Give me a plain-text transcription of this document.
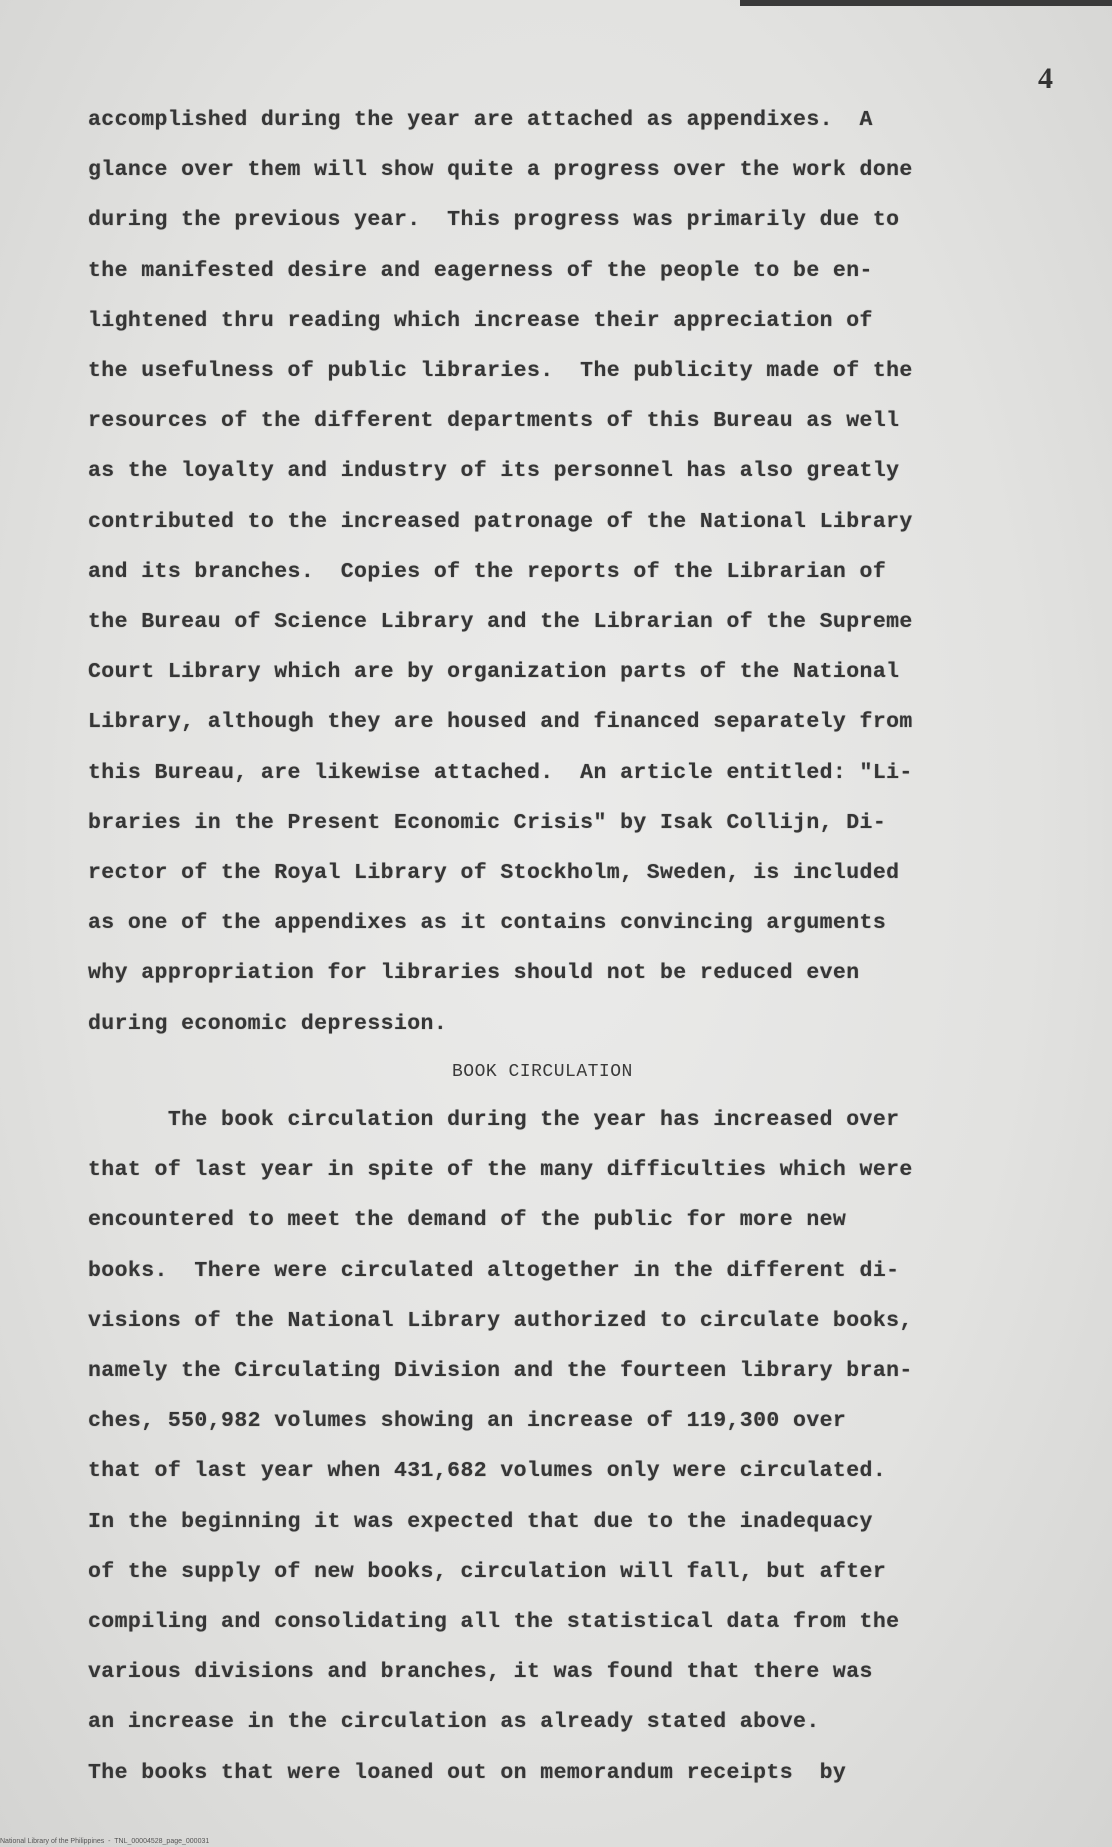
4
accomplished during the year are attached as appendixes.  A
glance over them will show quite a progress over the work done
during the previous year.  This progress was primarily due to
the manifested desire and eagerness of the people to be en-
lightened thru reading which increase their appreciation of
the usefulness of public libraries.  The publicity made of the
resources of the different departments of this Bureau as well
as the loyalty and industry of its personnel has also greatly
contributed to the increased patronage of the National Library
and its branches.  Copies of the reports of the Librarian of
the Bureau of Science Library and the Librarian of the Supreme
Court Library which are by organization parts of the National
Library, although they are housed and financed separately from
this Bureau, are likewise attached.  An article entitled: "Li-
braries in the Present Economic Crisis" by Isak Collijn, Di-
rector of the Royal Library of Stockholm, Sweden, is included
as one of the appendixes as it contains convincing arguments
why appropriation for libraries should not be reduced even
during economic depression.
BOOK CIRCULATION
The book circulation during the year has increased over
that of last year in spite of the many difficulties which were
encountered to meet the demand of the public for more new
books.  There were circulated altogether in the different di-
visions of the National Library authorized to circulate books,
namely the Circulating Division and the fourteen library bran-
ches, 550,982 volumes showing an increase of 119,300 over
that of last year when 431,682 volumes only were circulated.
In the beginning it was expected that due to the inadequacy
of the supply of new books, circulation will fall, but after
compiling and consolidating all the statistical data from the
various divisions and branches, it was found that there was
an increase in the circulation as already stated above.
The books that were loaned out on memorandum receipts  by
National Library of the Philippines  -  TNL_00004528_page_000031
